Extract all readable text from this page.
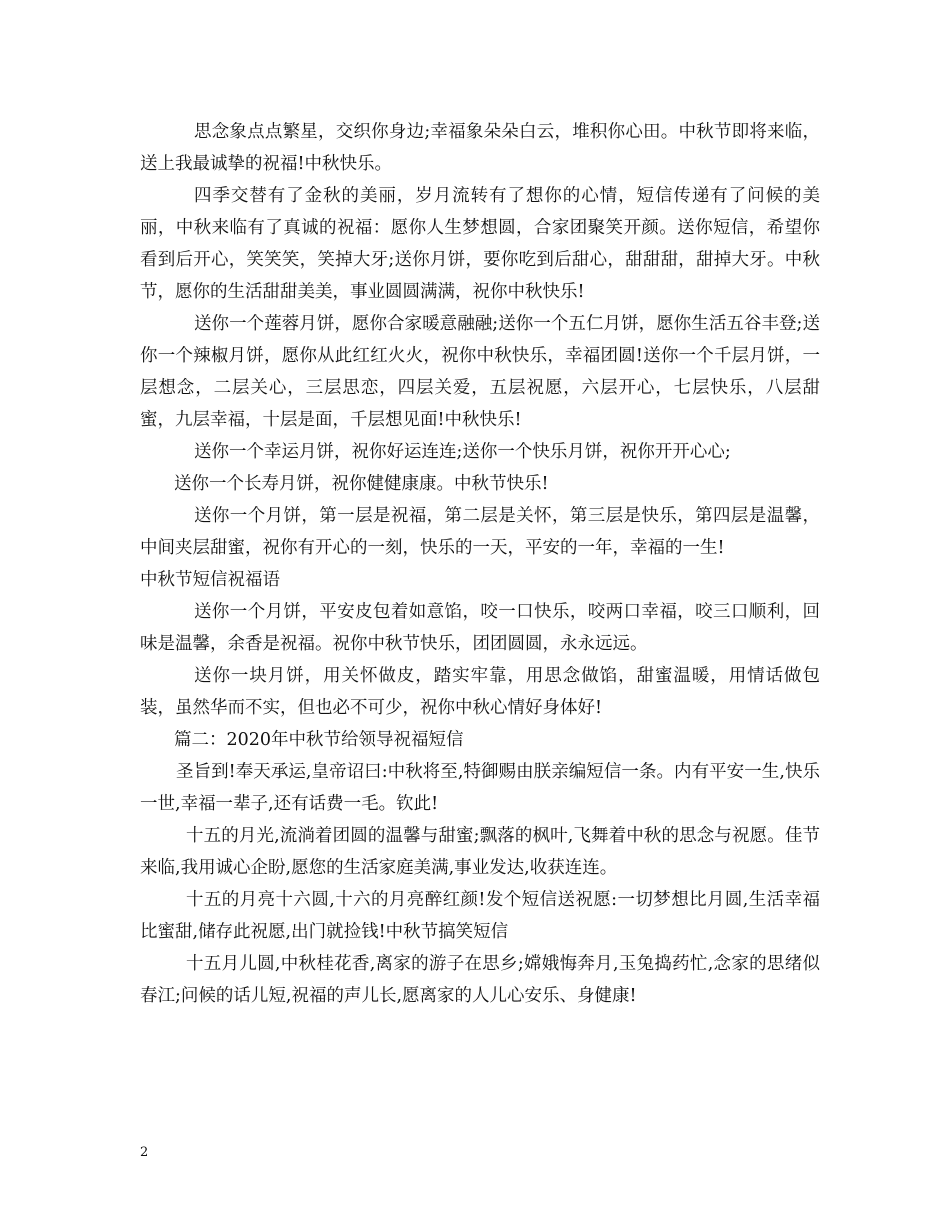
思念象点点繁星，交织你身边;幸福象朵朵白云，堆积你心田。中秋节即将来临，送上我最诚挚的祝福!中秋快乐。

四季交替有了金秋的美丽，岁月流转有了想你的心情，短信传递有了问候的美丽，中秋来临有了真诚的祝福：愿你人生梦想圆，合家团聚笑开颜。送你短信，希望你看到后开心，笑笑笑，笑掉大牙;送你月饼，要你吃到后甜心，甜甜甜，甜掉大牙。中秋节，愿你的生活甜甜美美，事业圆圆满满，祝你中秋快乐!

送你一个莲蓉月饼，愿你合家暖意融融;送你一个五仁月饼，愿你生活五谷丰登;送你一个辣椒月饼，愿你从此红红火火，祝你中秋快乐，幸福团圆!送你一个千层月饼，一层想念，二层关心，三层思恋，四层关爱，五层祝愿，六层开心，七层快乐，八层甜蜜，九层幸福，十层是面，千层想见面!中秋快乐!

送你一个幸运月饼，祝你好运连连;送你一个快乐月饼，祝你开开心心;

送你一个长寿月饼，祝你健健康康。中秋节快乐!

送你一个月饼，第一层是祝福，第二层是关怀，第三层是快乐，第四层是温馨，中间夹层甜蜜，祝你有开心的一刻，快乐的一天，平安的一年，幸福的一生!

中秋节短信祝福语

送你一个月饼，平安皮包着如意馅，咬一口快乐，咬两口幸福，咬三口顺利，回味是温馨，余香是祝福。祝你中秋节快乐，团团圆圆，永永远远。

送你一块月饼，用关怀做皮，踏实牢靠，用思念做馅，甜蜜温暖，用情话做包装，虽然华而不实，但也必不可少，祝你中秋心情好身体好!

篇二：2020年中秋节给领导祝福短信

圣旨到!奉天承运,皇帝诏曰:中秋将至,特御赐由朕亲编短信一条。内有平安一生,快乐一世,幸福一辈子,还有话费一毛。钦此!

十五的月光,流淌着团圆的温馨与甜蜜;飘落的枫叶,飞舞着中秋的思念与祝愿。佳节来临,我用诚心企盼,愿您的生活家庭美满,事业发达,收获连连。

十五的月亮十六圆,十六的月亮醉红颜!发个短信送祝愿:一切梦想比月圆,生活幸福比蜜甜,储存此祝愿,出门就捡钱!中秋节搞笑短信

十五月儿圆,中秋桂花香,离家的游子在思乡;嫦娥悔奔月,玉兔捣药忙,念家的思绪似春江;问候的话儿短,祝福的声儿长,愿离家的人儿心安乐、身健康!

2
